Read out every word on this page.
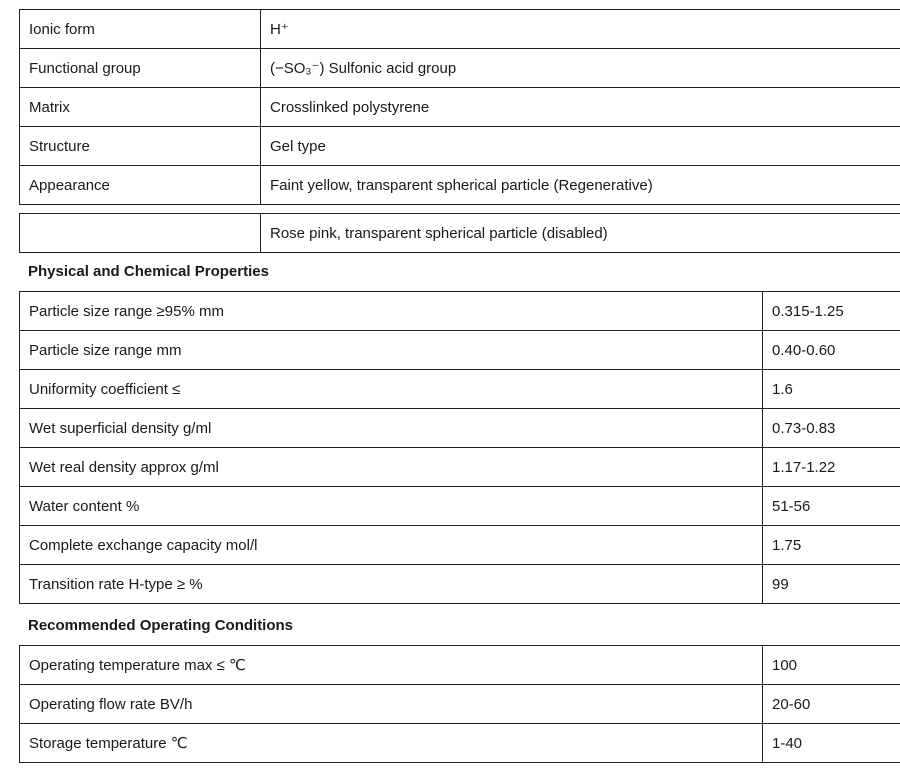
Ionic form	H⁺
Functional group	(−SO₃⁻) Sulfonic acid group
Matrix	Crosslinked polystyrene
Structure	Gel type
Appearance	Faint yellow, transparent spherical particle (Regenerative)
	Rose pink, transparent spherical particle (disabled)
Physical and Chemical Properties
Particle size range ≥95% mm	0.315-1.25
Particle size range mm	0.40-0.60
Uniformity coefficient ≤	1.6
Wet superficial density g/ml	0.73-0.83
Wet real density approx g/ml	1.17-1.22
Water content %	51-56
Complete exchange capacity mol/l	1.75
Transition rate H-type ≥ %	99
Recommended Operating Conditions
Operating temperature max ≤ ℃	100
Operating flow rate BV/h	20-60
Storage temperature ℃	1-40
